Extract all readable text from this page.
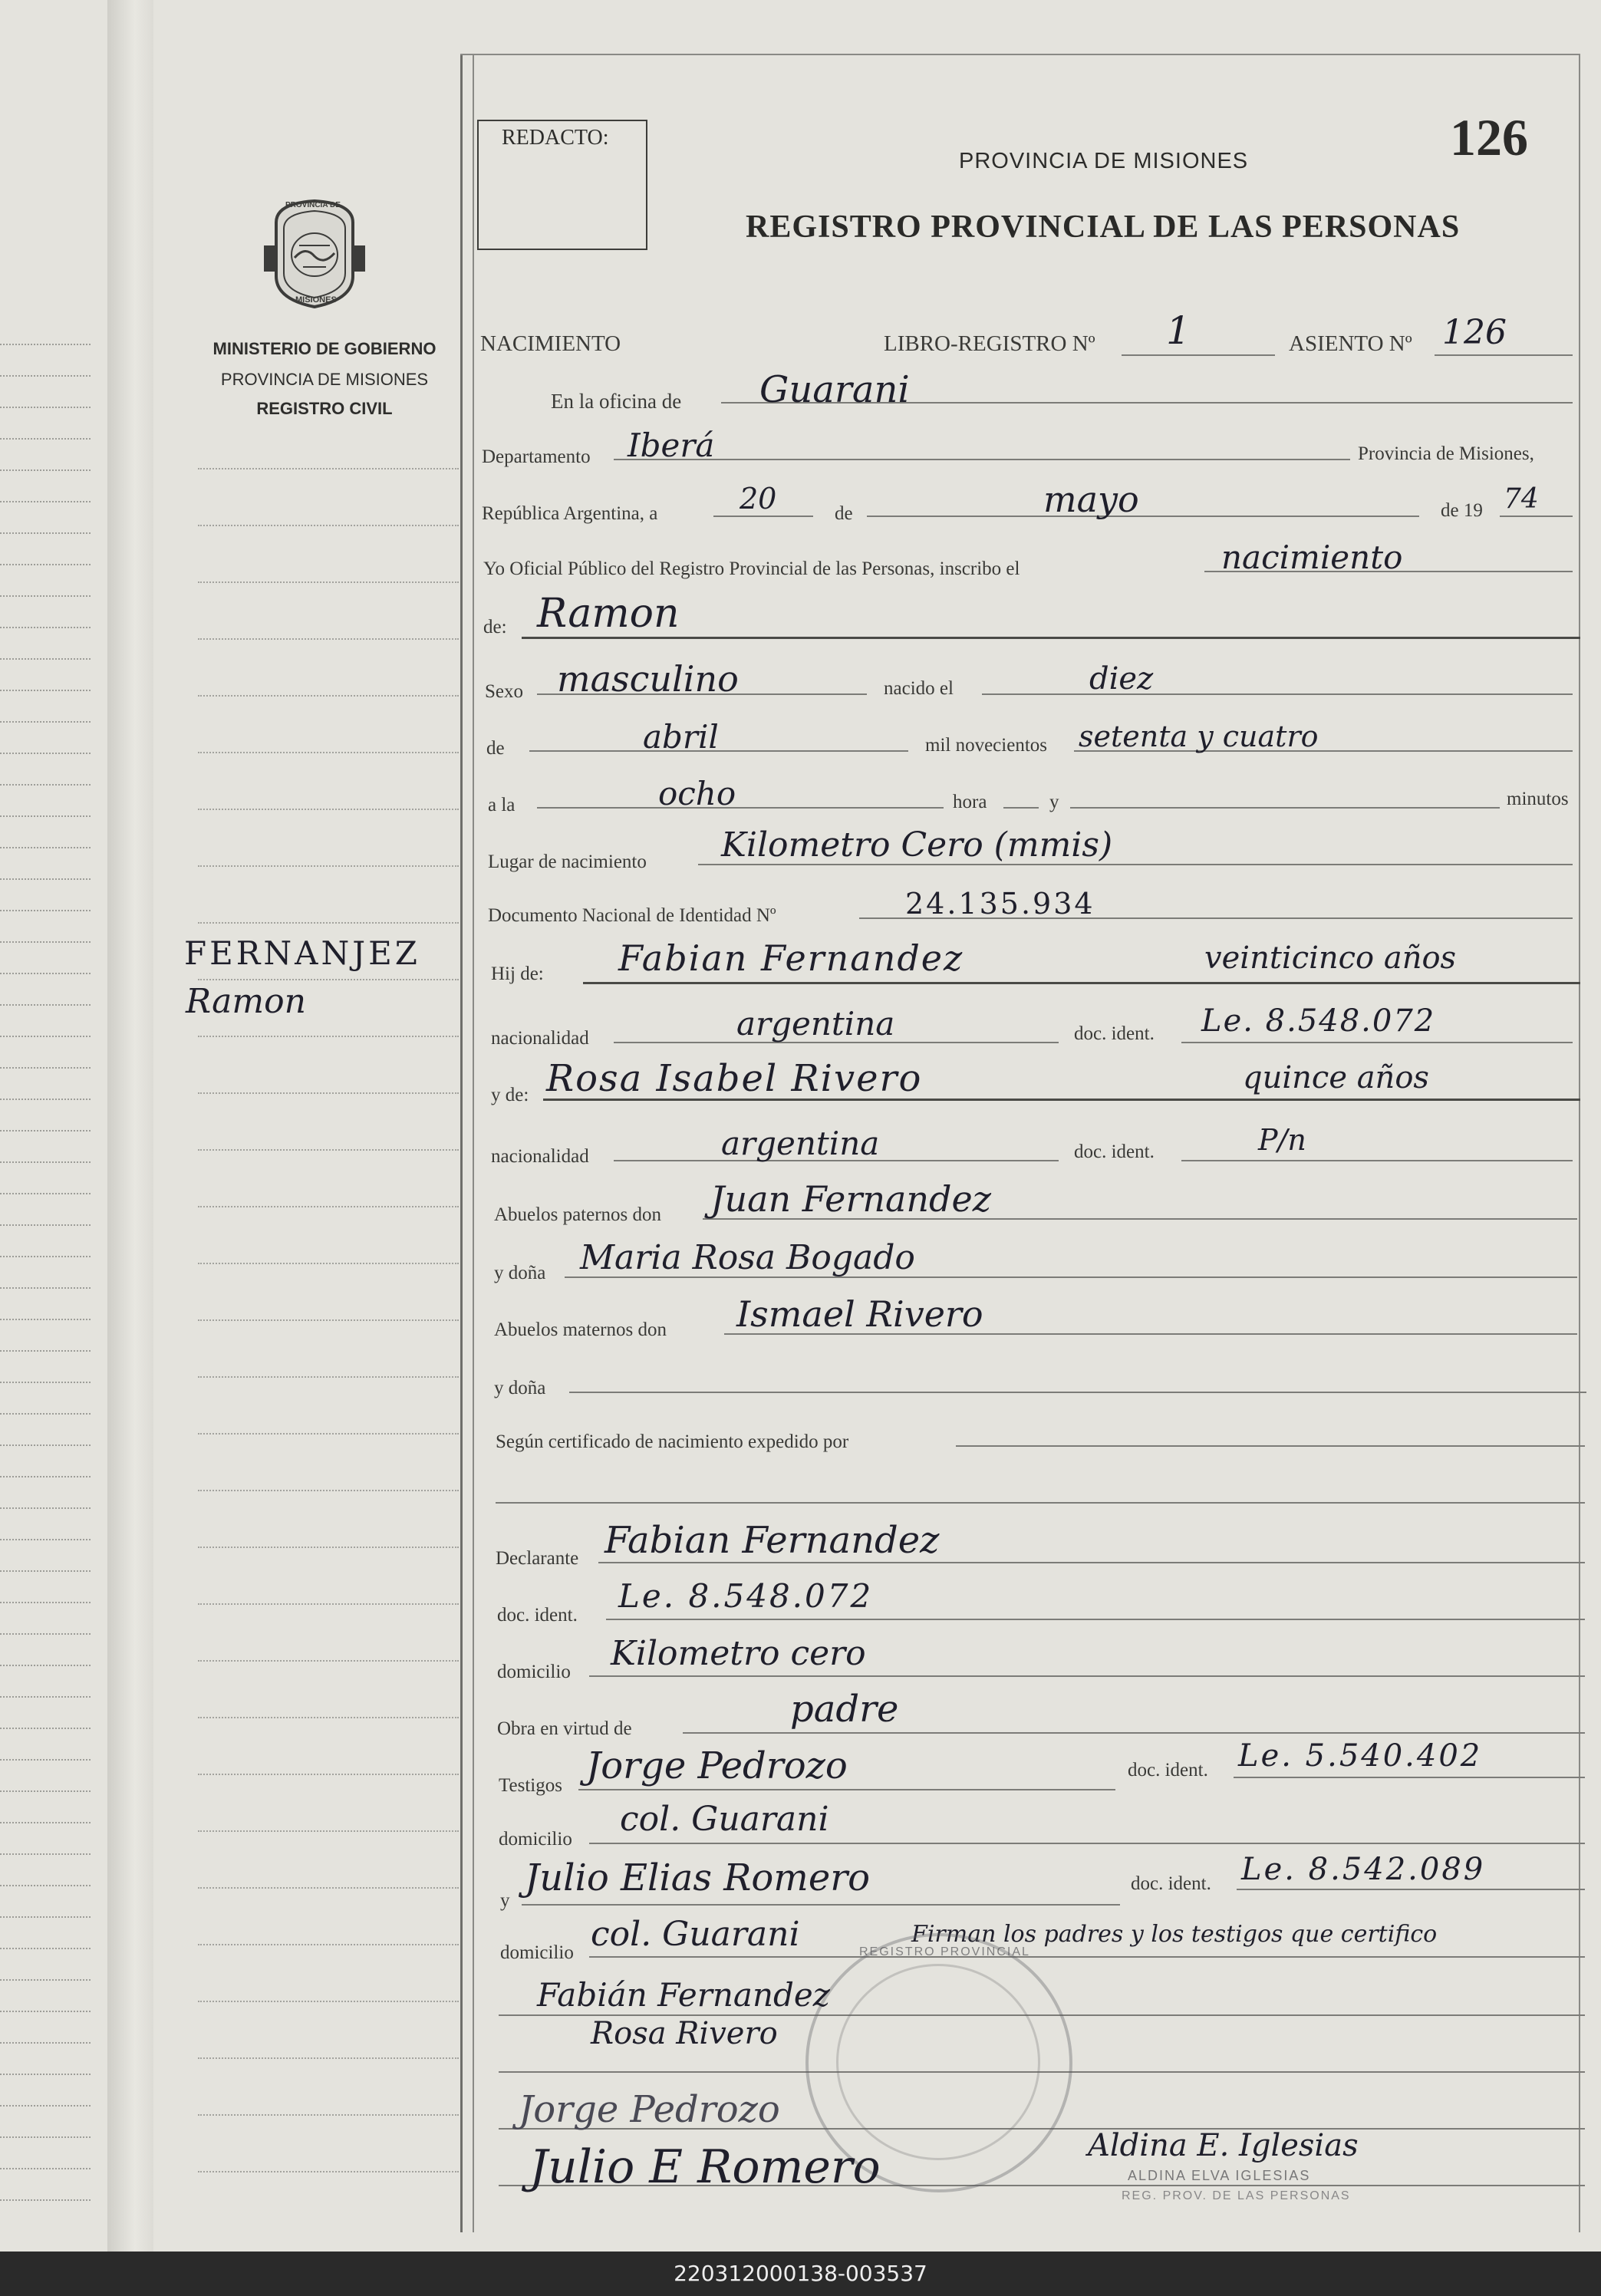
REDACTO:	126
PROVINCIA DE MISIONES
REGISTRO PROVINCIAL DE LAS PERSONAS
PROVINCIA DE
MISIONES
MINISTERIO DE GOBIERNO
PROVINCIA DE MISIONES
REGISTRO CIVIL
FERNANJEZ
Ramon
NACIMIENTO	LIBRO-REGISTRO Nº 1	ASIENTO Nº 126
En la oficina de Guarani
Departamento Iberá	Provincia de Misiones,
República Argentina, a	20	de	mayo	de 19 74
Yo Oficial Público del Registro Provincial de las Personas, inscribo el	nacimiento
de: Ramon
Sexo masculino	nacido el	diez
de	abril	mil novecientos setenta y cuatro
a la	ocho	hora	y	minutos
Lugar de nacimiento Kilometro Cero (mmis)
Documento Nacional de Identidad Nº	24.135.934
Hij de: Fabian Fernandez	veinticinco años
nacionalidad	argentina	doc. ident. Le. 8.548.072
y de: Rosa Isabel Rivero	quince años
nacionalidad	argentina	doc. ident.	P/n
Abuelos paternos don Juan Fernandez
y doña Maria Rosa Bogado
Abuelos maternos don Ismael Rivero
y doña
Según certificado de nacimiento expedido por
Declarante Fabian Fernandez
doc. ident.
Le. 8.548.072
domicilio Kilometro cero
Obra en virtud de	padre
Testigos Jorge Pedrozo	doc. ident. Le. 5.540.402
domicilio
col. Guarani
y
Julio Elias Romero	doc. ident. Le. 8.542.089
domicilio col. Guarani	Firman los padres y los testigos que certifico
REGISTRO PROVINCIAL
Fabián Fernandez
Rosa Rivero
Jorge Pedrozo
Julio E Romero	Aldina E. Iglesias
ALDINA ELVA IGLESIAS
REG. PROV. DE LAS PERSONAS
220312000138-003537
